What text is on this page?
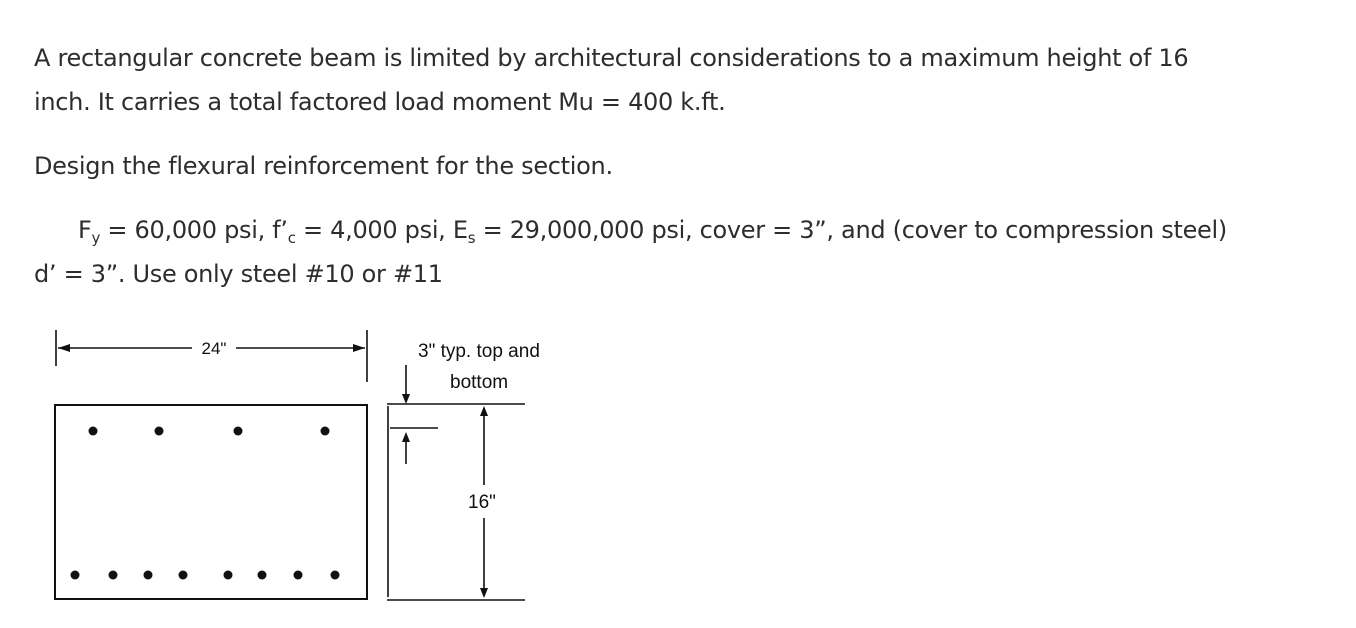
A rectangular concrete beam is limited by architectural considerations to a maximum height of 16
inch. It carries a total factored load moment Mu = 400 k.ft.

Design the flexural reinforcement for the section.

$F_y = 60,000$ psi, $f’_c = 4,000$ psi, $E_s = 29,000,000$ psi, cover = 3”, and (cover to compression steel)

d’ = 3”. Use only steel #10 or #11

24"	3" typ. top and
bottom
16"
